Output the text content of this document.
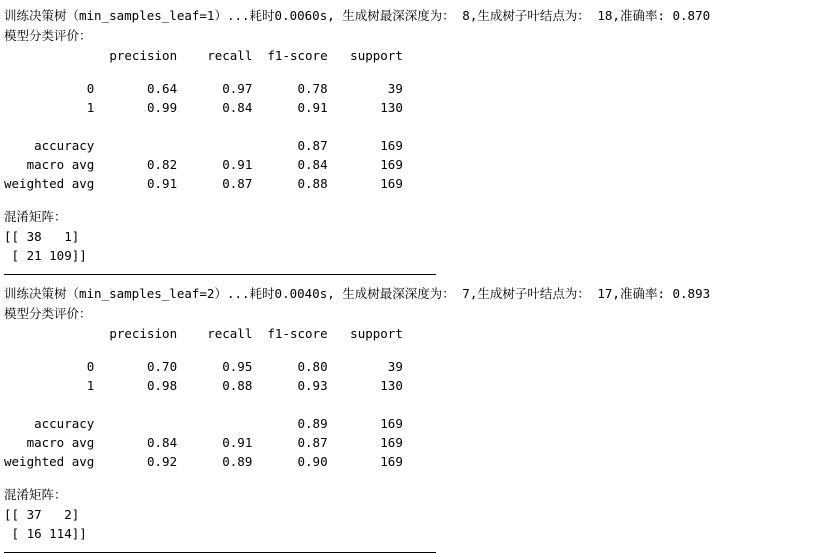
训练决策树（min_samples_leaf=1）...耗时0.0060s, 生成树最深深度为： 8,生成树子叶结点为： 18,准确率: 0.870
模型分类评价：
precision    recall  f1-score   support
0       0.64      0.97      0.78        39
1       0.99      0.84      0.91       130
accuracy                           0.87       169
macro avg       0.82      0.91      0.84       169
weighted avg       0.91      0.87      0.88       169
混淆矩阵：
[[ 38   1]
[ 21 109]]
训练决策树（min_samples_leaf=2）...耗时0.0040s, 生成树最深深度为： 7,生成树子叶结点为： 17,准确率: 0.893
模型分类评价：
precision    recall  f1-score   support
0       0.70      0.95      0.80        39
1       0.98      0.88      0.93       130
accuracy                           0.89       169
macro avg       0.84      0.91      0.87       169
weighted avg       0.92      0.89      0.90       169
混淆矩阵：
[[ 37   2]
[ 16 114]]
